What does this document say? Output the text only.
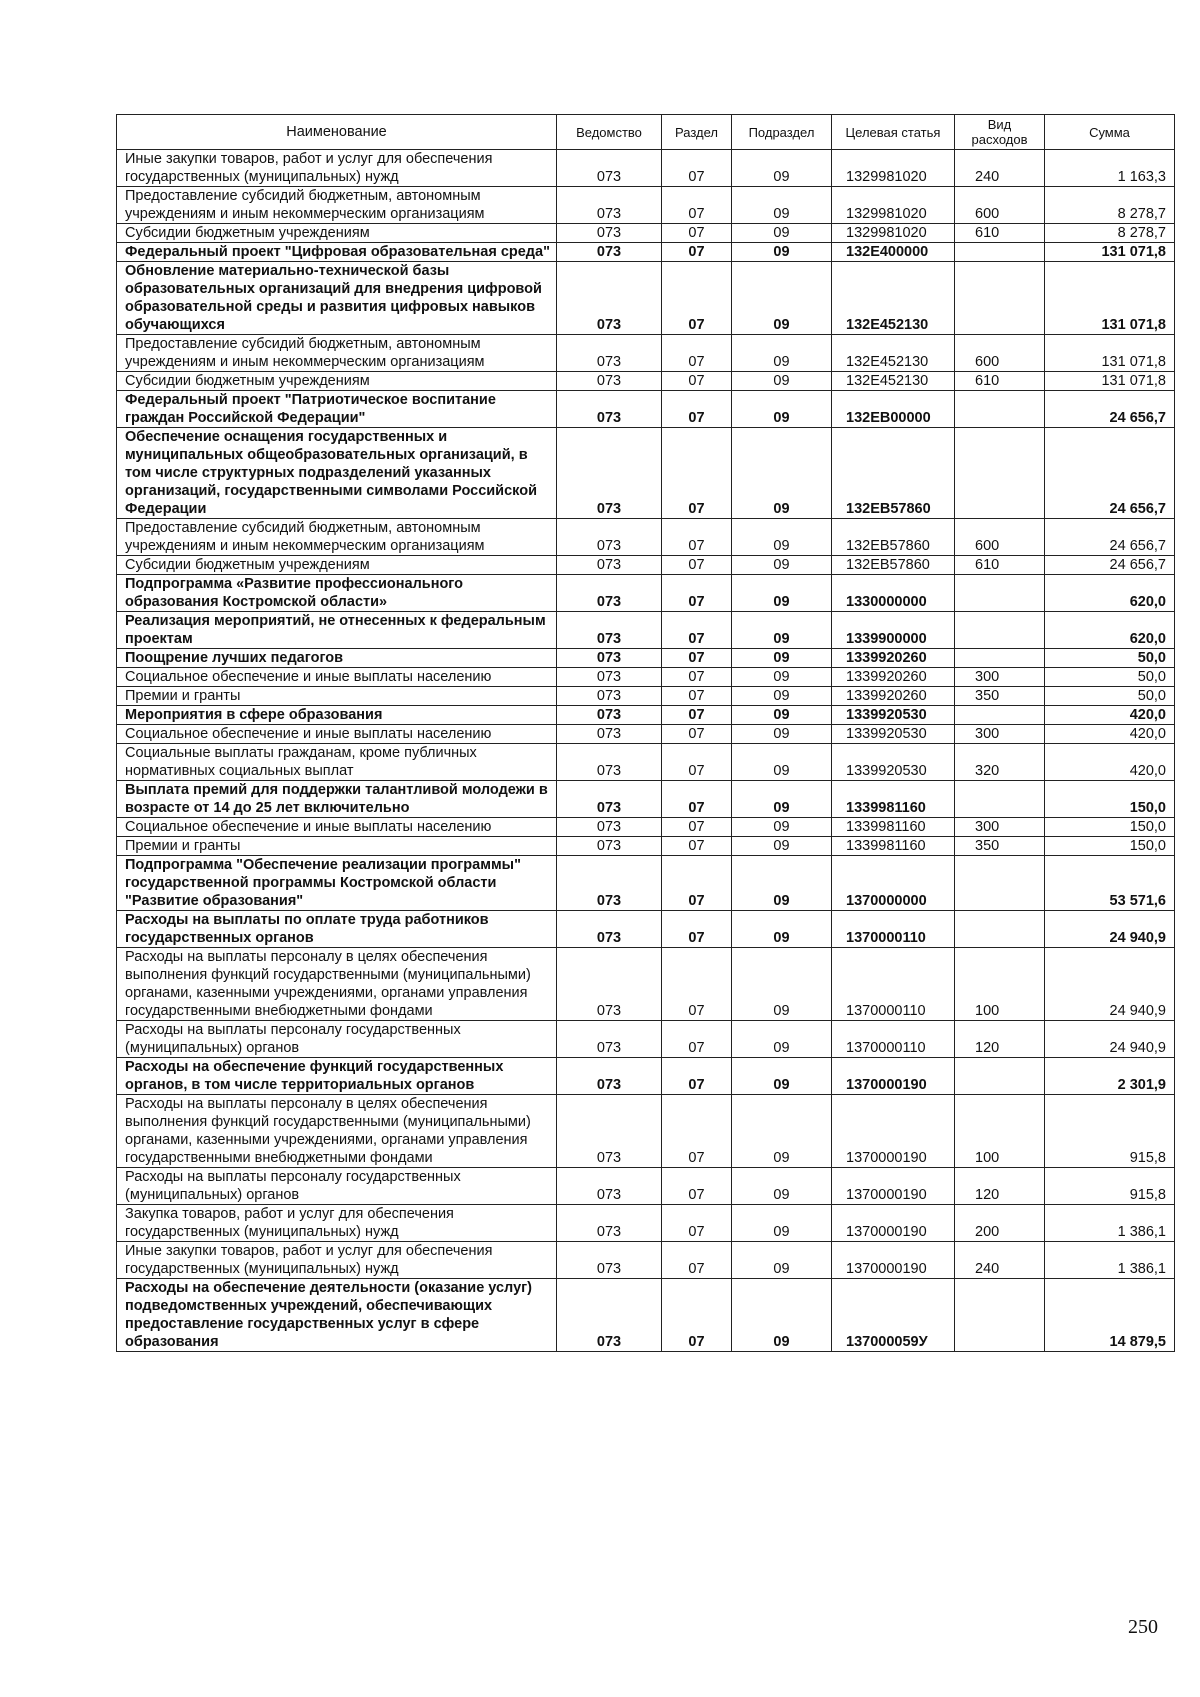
Наименование	Ведомство	Раздел	Подраздел	Целевая статья	Вид расходов	Сумма
Иные закупки товаров, работ и услуг для обеспечения государственных (муниципальных) нужд	073	07	09	1329981020	240	1 163,3
Предоставление субсидий бюджетным, автономным учреждениям и иным некоммерческим организациям	073	07	09	1329981020	600	8 278,7
Субсидии бюджетным учреждениям	073	07	09	1329981020	610	8 278,7
Федеральный проект "Цифровая образовательная среда"	073	07	09	132E400000		131 071,8
Обновление материально-технической базы образовательных организаций для внедрения цифровой образовательной среды и развития цифровых навыков обучающихся	073	07	09	132E452130		131 071,8
Предоставление субсидий бюджетным, автономным учреждениям и иным некоммерческим организациям	073	07	09	132E452130	600	131 071,8
Субсидии бюджетным учреждениям	073	07	09	132E452130	610	131 071,8
Федеральный проект "Патриотическое воспитание граждан Российской Федерации"	073	07	09	132EB00000		24 656,7
Обеспечение оснащения государственных и муниципальных общеобразовательных организаций, в том числе структурных подразделений указанных организаций, государственными символами Российской Федерации	073	07	09	132EB57860		24 656,7
Предоставление субсидий бюджетным, автономным учреждениям и иным некоммерческим организациям	073	07	09	132EB57860	600	24 656,7
Субсидии бюджетным учреждениям	073	07	09	132EB57860	610	24 656,7
Подпрограмма «Развитие профессионального образования Костромской области»	073	07	09	1330000000		620,0
Реализация мероприятий, не отнесенных к федеральным проектам	073	07	09	1339900000		620,0
Поощрение лучших педагогов	073	07	09	1339920260		50,0
Социальное обеспечение и иные выплаты населению	073	07	09	1339920260	300	50,0
Премии и гранты	073	07	09	1339920260	350	50,0
Мероприятия в сфере образования	073	07	09	1339920530		420,0
Социальное обеспечение и иные выплаты населению	073	07	09	1339920530	300	420,0
Социальные выплаты гражданам, кроме публичных нормативных социальных выплат	073	07	09	1339920530	320	420,0
Выплата премий для поддержки талантливой молодежи в возрасте от 14 до 25 лет включительно	073	07	09	1339981160		150,0
Социальное обеспечение и иные выплаты населению	073	07	09	1339981160	300	150,0
Премии и гранты	073	07	09	1339981160	350	150,0
Подпрограмма "Обеспечение реализации программы" государственной программы Костромской области "Развитие образования"	073	07	09	1370000000		53 571,6
Расходы на выплаты по оплате труда работников государственных органов	073	07	09	1370000110		24 940,9
Расходы на выплаты персоналу в целях обеспечения выполнения функций государственными (муниципальными) органами, казенными учреждениями, органами управления государственными внебюджетными фондами	073	07	09	1370000110	100	24 940,9
Расходы на выплаты персоналу государственных (муниципальных) органов	073	07	09	1370000110	120	24 940,9
Расходы на обеспечение функций государственных органов, в том числе территориальных органов	073	07	09	1370000190		2 301,9
Расходы на выплаты персоналу в целях обеспечения выполнения функций государственными (муниципальными) органами, казенными учреждениями, органами управления государственными внебюджетными фондами	073	07	09	1370000190	100	915,8
Расходы на выплаты персоналу государственных (муниципальных) органов	073	07	09	1370000190	120	915,8
Закупка товаров, работ и услуг для обеспечения государственных (муниципальных) нужд	073	07	09	1370000190	200	1 386,1
Иные закупки товаров, работ и услуг для обеспечения государственных (муниципальных) нужд	073	07	09	1370000190	240	1 386,1
Расходы на обеспечение деятельности (оказание услуг) подведомственных учреждений, обеспечивающих предоставление государственных услуг в сфере образования	073	07	09	137000059У		14 879,5
250
